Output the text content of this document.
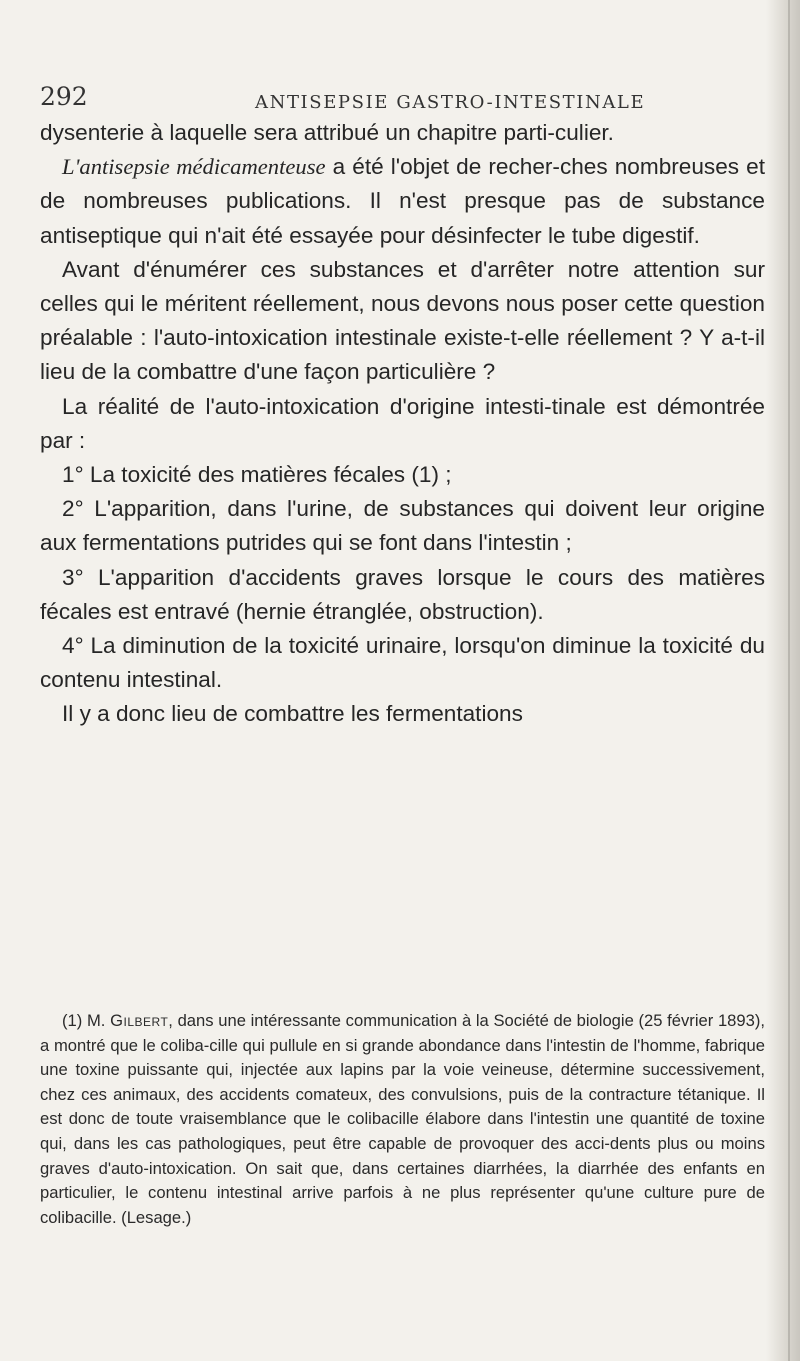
292	ANTISEPSIE GASTRO-INTESTINALE

dysenterie à laquelle sera attribué un chapitre parti-culier.

L'antisepsie médicamenteuse a été l'objet de recher-ches nombreuses et de nombreuses publications. Il n'est presque pas de substance antiseptique qui n'ait été essayée pour désinfecter le tube digestif.

Avant d'énumérer ces substances et d'arrêter notre attention sur celles qui le méritent réellement, nous devons nous poser cette question préalable : l'auto-intoxication intestinale existe-t-elle réellement ? Y a-t-il lieu de la combattre d'une façon particulière ?

La réalité de l'auto-intoxication d'origine intesti-tinale est démontrée par :

1° La toxicité des matières fécales (1) ;

2° L'apparition, dans l'urine, de substances qui doivent leur origine aux fermentations putrides qui se font dans l'intestin ;

3° L'apparition d'accidents graves lorsque le cours des matières fécales est entravé (hernie étranglée, obstruction).

4° La diminution de la toxicité urinaire, lorsqu'on diminue la toxicité du contenu intestinal.

Il y a donc lieu de combattre les fermentations

(1) M. Gilbert, dans une intéressante communication à la Société de biologie (25 février 1893), a montré que le coliba-cille qui pullule en si grande abondance dans l'intestin de l'homme, fabrique une toxine puissante qui, injectée aux lapins par la voie veineuse, détermine successivement, chez ces animaux, des accidents comateux, des convulsions, puis de la contracture tétanique. Il est donc de toute vraisemblance que le colibacille élabore dans l'intestin une quantité de toxine qui, dans les cas pathologiques, peut être capable de provoquer des acci-dents plus ou moins graves d'auto-intoxication. On sait que, dans certaines diarrhées, la diarrhée des enfants en particulier, le contenu intestinal arrive parfois à ne plus représenter qu'une culture pure de colibacille. (Lesage.)
